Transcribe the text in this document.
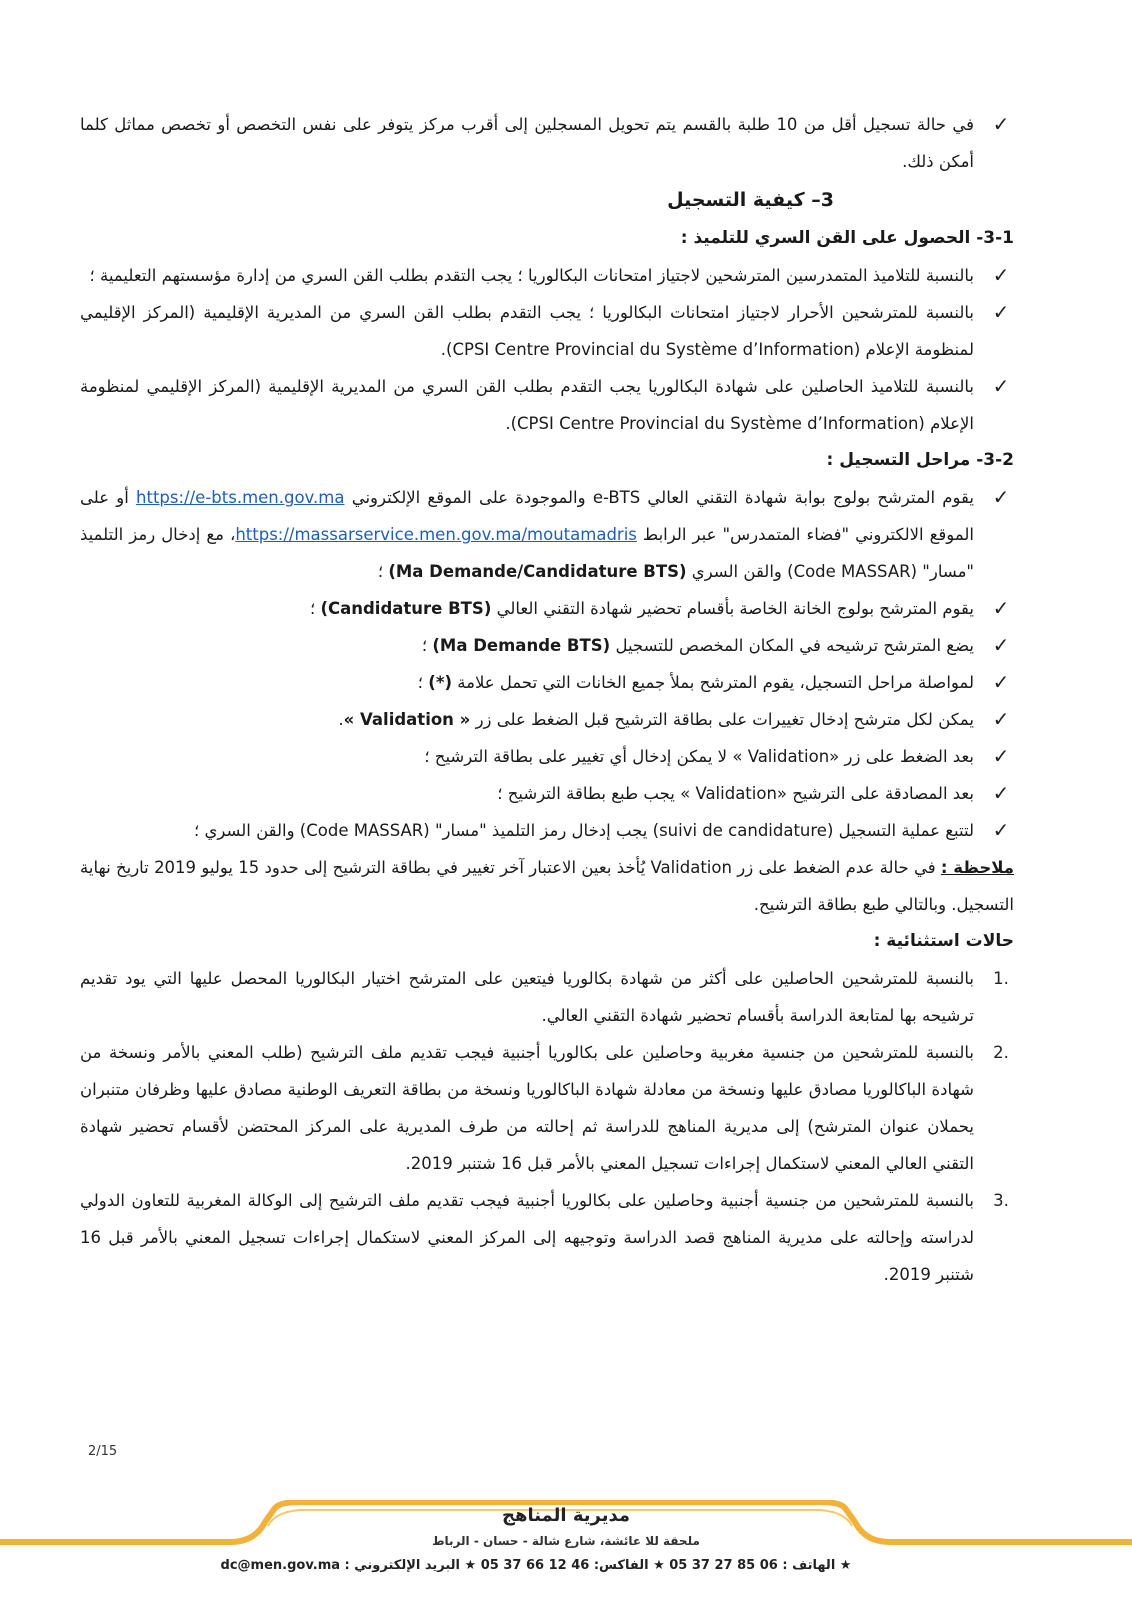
✓
في حالة تسجيل أقل من 10 طلبة بالقسم يتم تحويل المسجلين إلى أقرب مركز يتوفر على نفس التخصص أو تخصص مماثل كلما أمكن ذلك.
3– كيفية التسجيل
3-1- الحصول على القن السري للتلميذ :
✓
بالنسبة للتلاميذ المتمدرسين المترشحين لاجتياز امتحانات البكالوريا ؛ يجب التقدم بطلب القن السري من إدارة مؤسستهم التعليمية ؛
✓
بالنسبة للمترشحين الأحرار لاجتياز امتحانات البكالوريا ؛ يجب التقدم بطلب القن السري من المديرية الإقليمية (المركز الإقليمي لمنظومة الإعلام (CPSI Centre Provincial du Système d’Information).
✓
بالنسبة للتلاميذ الحاصلين على شهادة البكالوريا يجب التقدم بطلب القن السري من المديرية الإقليمية (المركز الإقليمي لمنظومة الإعلام (CPSI Centre Provincial du Système d’Information).
3-2- مراحل التسجيل :
✓
يقوم المترشح بولوج بوابة شهادة التقني العالي e-BTS والموجودة على الموقع الإلكتروني https://e-bts.men.gov.ma أو على الموقع الالكتروني "فضاء المتمدرس" عبر الرابط https://massarservice.men.gov.ma/moutamadris، مع إدخال رمز التلميذ "مسار" (Code MASSAR) والقن السري (Ma Demande/Candidature BTS) ؛
✓
يقوم المترشح بولوج الخانة الخاصة بأقسام تحضير شهادة التقني العالي (Candidature BTS) ؛
✓
يضع المترشح ترشيحه في المكان المخصص للتسجيل (Ma Demande BTS) ؛
✓
لمواصلة مراحل التسجيل، يقوم المترشح بملأ جميع الخانات التي تحمل علامة (*) ؛
✓
يمكن لكل مترشح إدخال تغييرات على بطاقة الترشيح قبل الضغط على زر « Validation ».
✓
بعد الضغط على زر «Validation » لا يمكن إدخال أي تغيير على بطاقة الترشيح ؛
✓
بعد المصادقة على الترشيح «Validation » يجب طبع بطاقة الترشيح ؛
✓
لتتبع عملية التسجيل (suivi de candidature) يجب إدخال رمز التلميذ "مسار" (Code MASSAR) والقن السري ؛
ملاحظة : في حالة عدم الضغط على زر Validation يُأخذ بعين الاعتبار آخر تغيير في بطاقة الترشيح إلى حدود 15 يوليو 2019 تاريخ نهاية التسجيل. وبالتالي طبع بطاقة الترشيح.
حالات استثنائية :
.1
بالنسبة للمترشحين الحاصلين على أكثر من شهادة بكالوريا فيتعين على المترشح اختيار البكالوريا المحصل عليها التي يود تقديم ترشيحه بها لمتابعة الدراسة بأقسام تحضير شهادة التقني العالي.
.2
بالنسبة للمترشحين من جنسية مغربية وحاصلين على بكالوريا أجنبية فيجب تقديم ملف الترشيح (طلب المعني بالأمر ونسخة من شهادة الباكالوريا مصادق عليها ونسخة من معادلة شهادة الباكالوريا ونسخة من بطاقة التعريف الوطنية مصادق عليها وظرفان متنبران يحملان عنوان المترشح) إلى مديرية المناهج للدراسة ثم إحالته من طرف المديرية على المركز المحتضن لأقسام تحضير شهادة التقني العالي المعني لاستكمال إجراءات تسجيل المعني بالأمر قبل 16 شتنبر 2019.
.3
بالنسبة للمترشحين من جنسية أجنبية وحاصلين على بكالوريا أجنبية فيجب تقديم ملف الترشيح إلى الوكالة المغربية للتعاون الدولي لدراسته وإحالته على مديرية المناهج قصد الدراسة وتوجيهه إلى المركز المعني لاستكمال إجراءات تسجيل المعني بالأمر قبل 16 شتنبر 2019.
2/15
مديرية المناهج
ملحقة للا عائشة، شارع شالة - حسان - الرباط
★ الهاتف : 06 85 27 37 05 ★ الفاكس: 46 12 66 37 05 ★ البريد الإلكتروني : dc@men.gov.ma
